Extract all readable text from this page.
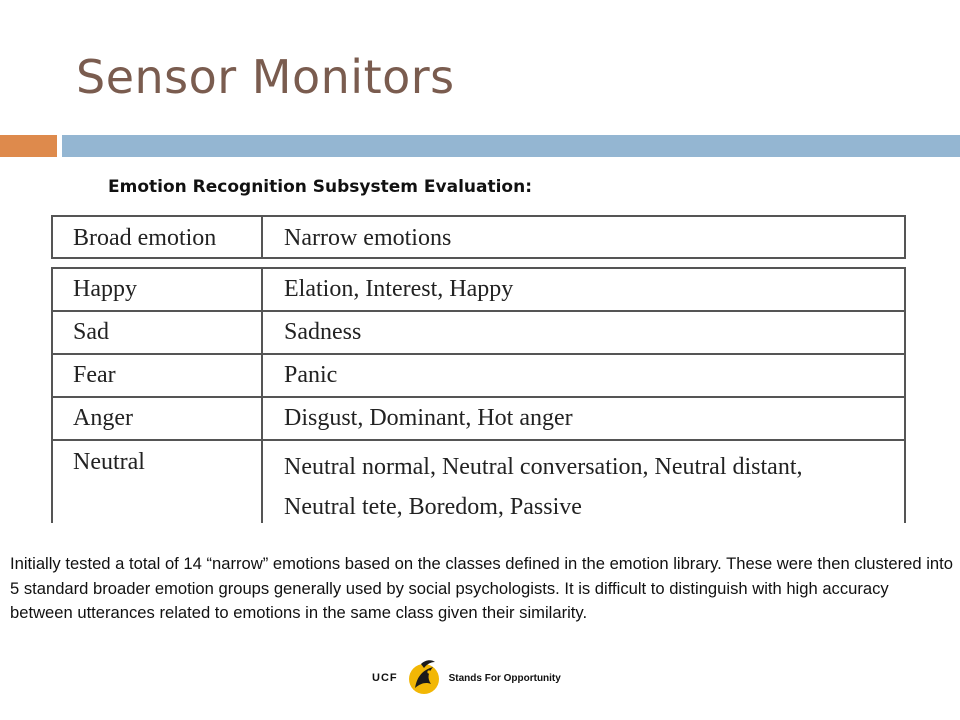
Sensor Monitors

Emotion Recognition Subsystem Evaluation:

Broad emotion	Narrow emotions
Happy	Elation, Interest, Happy
Sad	Sadness
Fear	Panic
Anger	Disgust, Dominant, Hot anger
Neutral	Neutral normal, Neutral conversation, Neutral distant,
Neutral tete, Boredom, Passive

Initially tested a total of 14 “narrow” emotions based on the classes defined in the emotion library. These were then clustered into 5 standard broader emotion groups generally used by social psychologists. It is difficult to distinguish with high accuracy between utterances related to emotions in the same class given their similarity.

UCF	Stands For Opportunity
